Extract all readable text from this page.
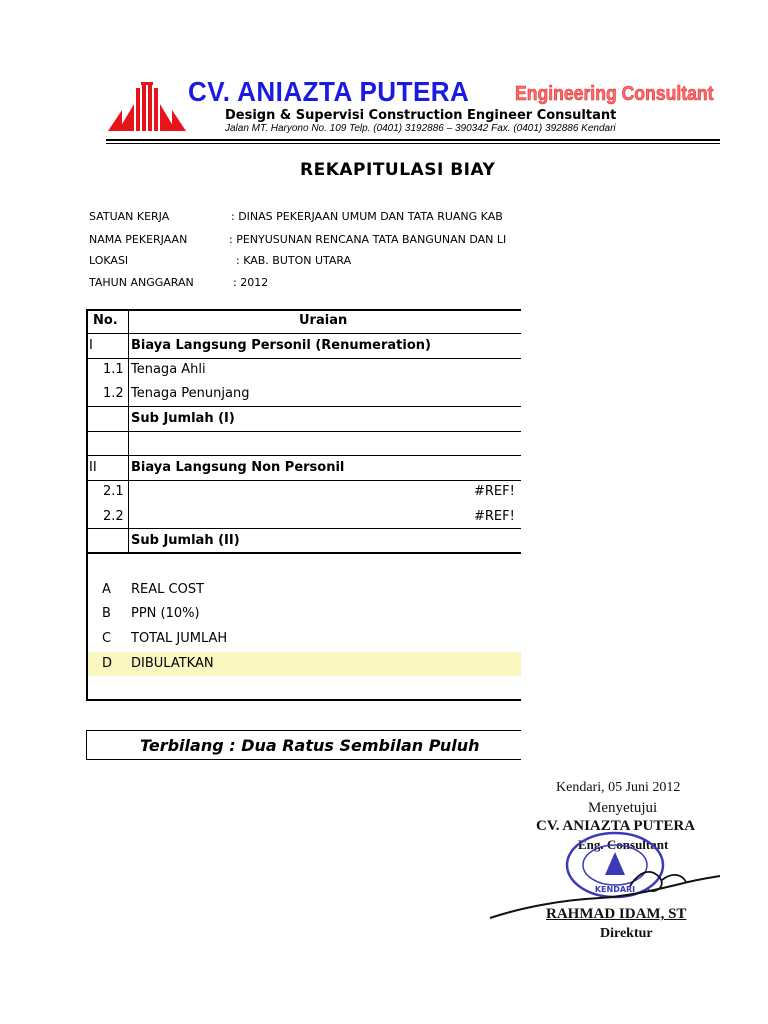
CV. ANIAZTA PUTERA Engineering Consultant
Design & Supervisi Construction Engineer Consultant
Jalan MT. Haryono No. 109 Telp. (0401) 3192886 – 390342 Fax. (0401) 392886 Kendari
REKAPITULASI BIAY
SATUAN KERJA	: DINAS PEKERJAAN UMUM DAN TATA RUANG KAB
NAMA PEKERJAAN	: PENYUSUNAN RENCANA TATA BANGUNAN DAN LI
LOKASI	: KAB. BUTON UTARA
TAHUN ANGGARAN	: 2012
No.	Uraian
I	Biaya Langsung Personil (Renumeration)
1.1 Tenaga Ahli
1.2 Tenaga Penunjang
Sub Jumlah (I)
II	Biaya Langsung Non Personil
2.1	#REF!
2.2	#REF!
Sub Jumlah (II)
A REAL COST
B PPN (10%)
C TOTAL JUMLAH
D DIBULATKAN
Terbilang : Dua Ratus Sembilan Puluh
Kendari, 05 Juni 2012
Menyetujui
CV. ANIAZTA PUTERA
Eng. Consultant
KENDARI
RAHMAD IDAM, ST
Direktur
